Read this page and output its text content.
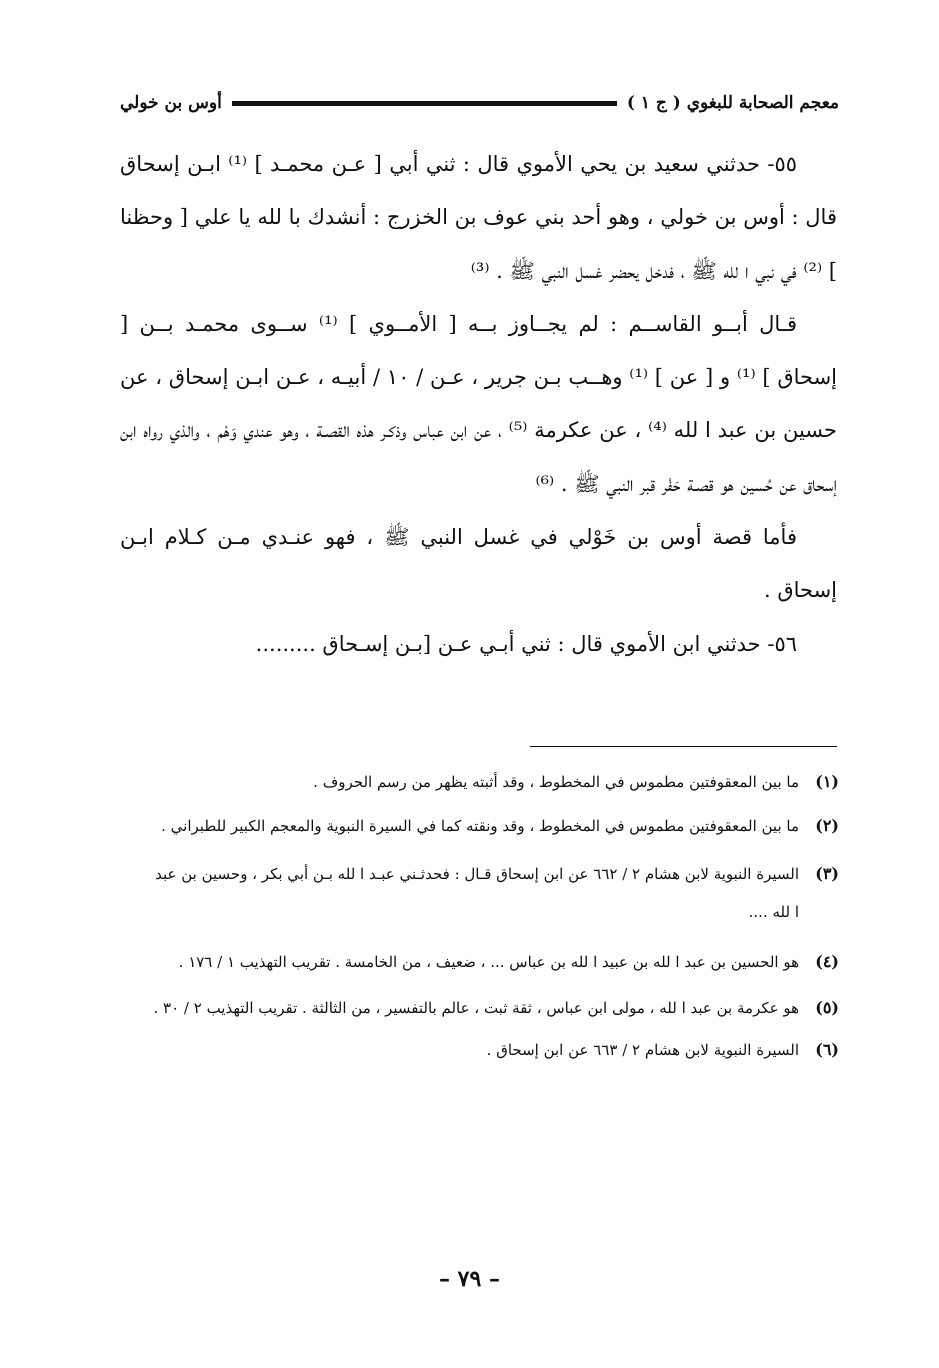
معجم الصحابة للبغوي ( ج ١ )
أوس بن خولي

٥٥- حدثني سعيد بن يحي الأموي قال : ثني أبي [ عـن محمـد ] ⁽¹⁾ ابـن إسحاق قال : أوس بن خولي ، وهو أحد بني عوف بن الخزرج : أنشدك با لله يا علي [ وحظنا ] ⁽²⁾ في نبي ا لله ﷺ ، فدخل يحضر غسل النبي ﷺ . ⁽³⁾

قـال أبــو القاســم : لم يجــاوز بــه [ الأمــوي ] ⁽¹⁾ ســوى محمـد بــن [ إسحاق ] ⁽¹⁾ و [ عن ] ⁽¹⁾ وهــب بـن جرير ، عـن / ١٠ / أبيـه ، عـن ابـن إسحاق ، عن حسين بن عبد ا لله ⁽⁴⁾ ، عن عكرمة ⁽⁵⁾ ، عن ابن عباس وذكـر هذه القصـة ، وهو عندي وَهْم ، والذي رواه ابن إسحاق عن حُسين هو قصـة حَفْر قبر النبي ﷺ . ⁽⁶⁾

فأما قصة أوس بن خَوْلي في غسل النبي ﷺ ، فهو عنـدي مـن كـلام ابـن إسحاق .

٥٦- حدثني ابن الأموي قال : ثني أبـي عـن [بـن إسـحاق .........

(١)
ما بين المعقوفتين مطموس في المخطوط ، وقد أثبته يظهر من رسم الحروف .
(٢)
ما بين المعقوفتين مطموس في المخطوط ، وقد ونقته كما في السيرة النبوية والمعجم الكبير للطبراني .
(٣)
السيرة النبوية لابن هشام ٢ / ٦٦٢ عن ابن إسحاق قـال : فحدثـني عبـد ا لله بـن أبي بكر ، وحسين بن عبد ا لله ....
(٤)
هو الحسين بن عبد ا لله بن عبيد ا لله بن عباس ... ، ضعيف ، من الخامسة . تقريب التهذيب ١ / ١٧٦ .
(٥)
هو عكرمة بن عبد ا لله ، مولى ابن عباس ، ثقة ثبت ، عالم بالتفسير ، من الثالثة . تقريب التهذيب ٢ / ٣٠ .
(٦)
السيرة النبوية لابن هشام ٢ / ٦٦٣ عن ابن إسحاق .
– ٧٩ –
